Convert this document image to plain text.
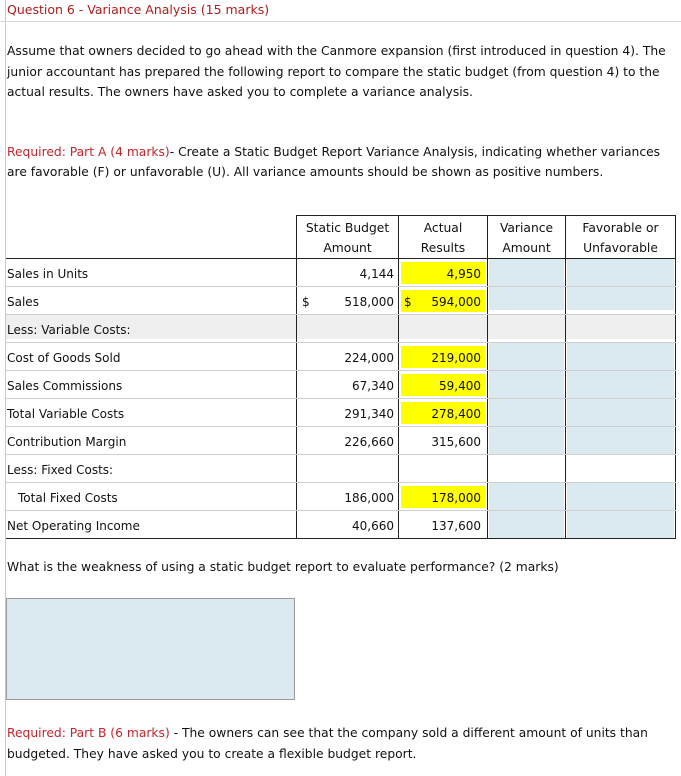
Question 6 - Variance Analysis (15 marks)
Assume that owners decided to go ahead with the Canmore expansion (first introduced in question 4). The junior accountant has prepared the following report to compare the static budget (from question 4) to the actual results. The owners have asked you to complete a variance analysis.
Required: Part A (4 marks)- Create a Static Budget Report Variance Analysis, indicating whether variances are favorable (F) or unfavorable (U). All variance amounts should be shown as positive numbers.
Static Budget
Amount
Actual
Results
Variance
Amount
Favorable or
Unfavorable
Sales in Units
Sales
Less: Variable Costs:
Cost of Goods Sold
Sales Commissions
Total Variable Costs
Contribution Margin
Less: Fixed Costs:
Total Fixed Costs
Net Operating Income
$	$
4,144
518,000
224,000
67,340
291,340
226,660
186,000
40,660
4,950
594,000
219,000
59,400
278,400
315,600
178,000
137,600
What is the weakness of using a static budget report to evaluate performance? (2 marks)
Required: Part B (6 marks) - The owners can see that the company sold a different amount of units than budgeted. They have asked you to create a flexible budget report.
